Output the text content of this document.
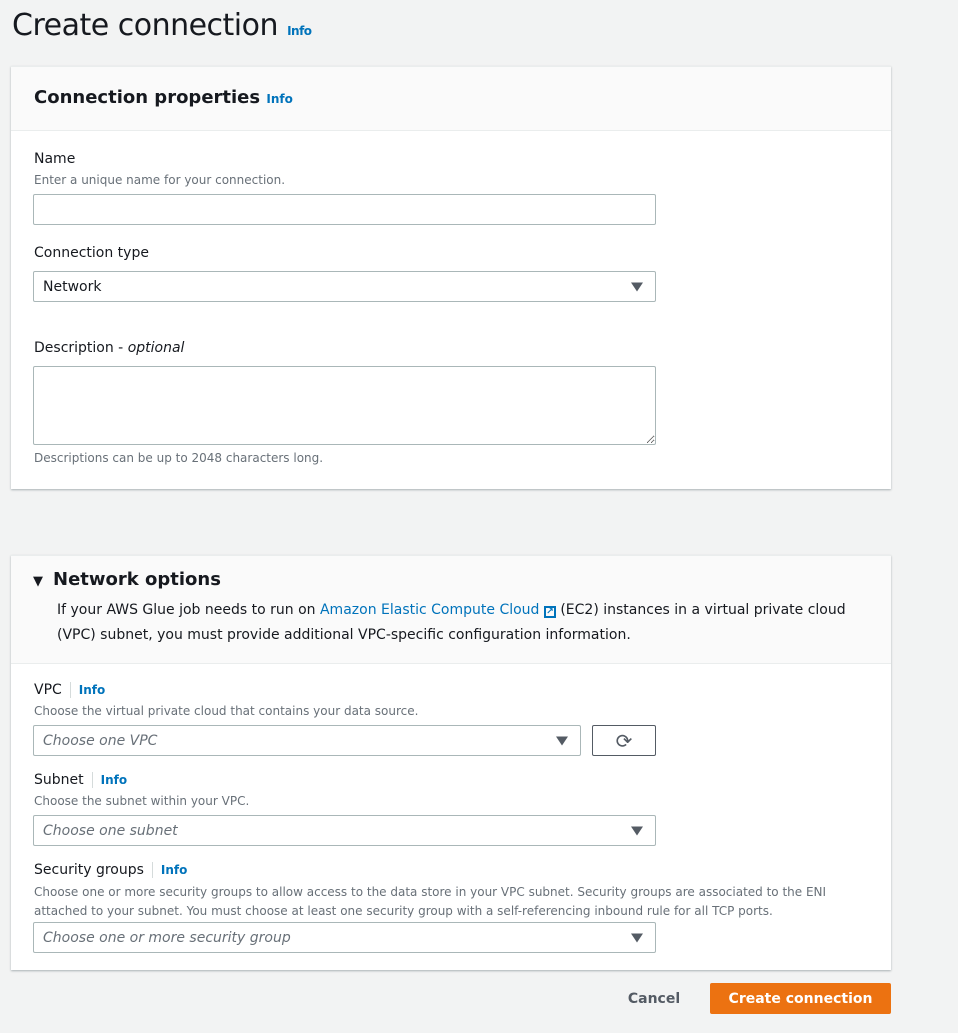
Create connection Info
Connection properties Info
Name
Enter a unique name for your connection.
Connection type
Network
Description - optional
Descriptions can be up to 2048 characters long.
▼ Network options
If your AWS Glue job needs to run on Amazon Elastic Compute Cloud ↗ (EC2) instances in a virtual private cloud (VPC) subnet, you must provide additional VPC-specific configuration information.
VPC Info
Choose the virtual private cloud that contains your data source.
Choose one VPC	⟳
Subnet Info
Choose the subnet within your VPC.
Choose one subnet
Security groups Info
Choose one or more security groups to allow access to the data store in your VPC subnet. Security groups are associated to the ENI attached to your subnet. You must choose at least one security group with a self-referencing inbound rule for all TCP ports.
Choose one or more security group
Cancel	Create connection
